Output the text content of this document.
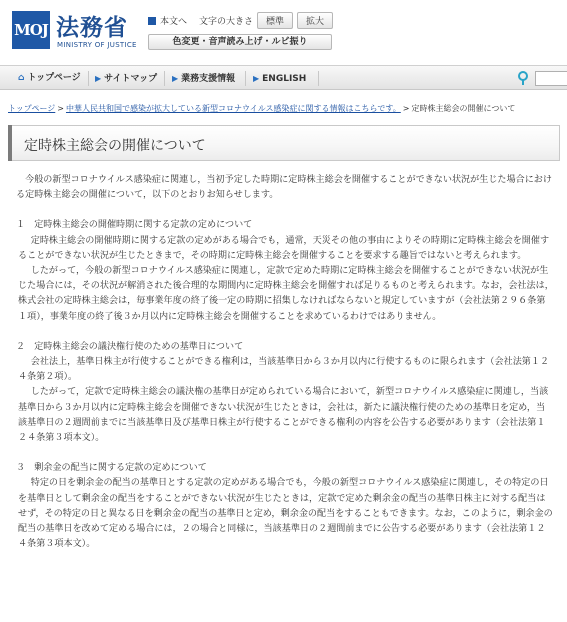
MOJ 法務省
MINISTRY OF JUSTICE
本文へ 文字の大きさ	標準	拡大
色変更・音声読み上げ・ルビ振り
⌂ トップページ ▶ サイトマップ ▶ 業務支援情報 ▶ ENGLISH
トップページ > 中華人民共和国で感染が拡大している新型コロナウイルス感染症に関する情報はこちらです。 > 定時株主総会の開催について
定時株主総会の開催について

今般の新型コロナウイルス感染症に関連し，当初予定した時期に定時株主総会を開催することができない状況が生じた場合における定時株主総会の開催について，以下のとおりお知らせします。

１　定時株主総会の開催時期に関する定款の定めについて

定時株主総会の開催時期に関する定款の定めがある場合でも，通常，天災その他の事由によりその時期に定時株主総会を開催することができない状況が生じたときまで，その時期に定時株主総会を開催することを要求する趣旨ではないと考えられます。

したがって，今般の新型コロナウイルス感染症に関連し，定款で定めた時期に定時株主総会を開催することができない状況が生じた場合には，その状況が解消された後合理的な期間内に定時株主総会を開催すれば足りるものと考えられます。なお，会社法は，株式会社の定時株主総会は，毎事業年度の終了後一定の時期に招集しなければならないと規定していますが（会社法第２９６条第１項），事業年度の終了後３か月以内に定時株主総会を開催することを求めているわけではありません。

２　定時株主総会の議決権行使のための基準日について

会社法上，基準日株主が行使することができる権利は，当該基準日から３か月以内に行使するものに限られます（会社法第１２４条第２項）。

したがって，定款で定時株主総会の議決権の基準日が定められている場合において，新型コロナウイルス感染症に関連し，当該基準日から３か月以内に定時株主総会を開催できない状況が生じたときは，会社は，新たに議決権行使のための基準日を定め，当該基準日の２週間前までに当該基準日及び基準日株主が行使することができる権利の内容を公告する必要があります（会社法第１２４条第３項本文）。

３　剰余金の配当に関する定款の定めについて

特定の日を剰余金の配当の基準日とする定款の定めがある場合でも，今般の新型コロナウイルス感染症に関連し，その特定の日を基準日として剰余金の配当をすることができない状況が生じたときは，定款で定めた剰余金の配当の基準日株主に対する配当はせず，その特定の日と異なる日を剰余金の配当の基準日と定め，剰余金の配当をすることもできます。なお，このように，剰余金の配当の基準日を改めて定める場合には，２の場合と同様に，当該基準日の２週間前までに公告する必要があります（会社法第１２４条第３項本文）。
